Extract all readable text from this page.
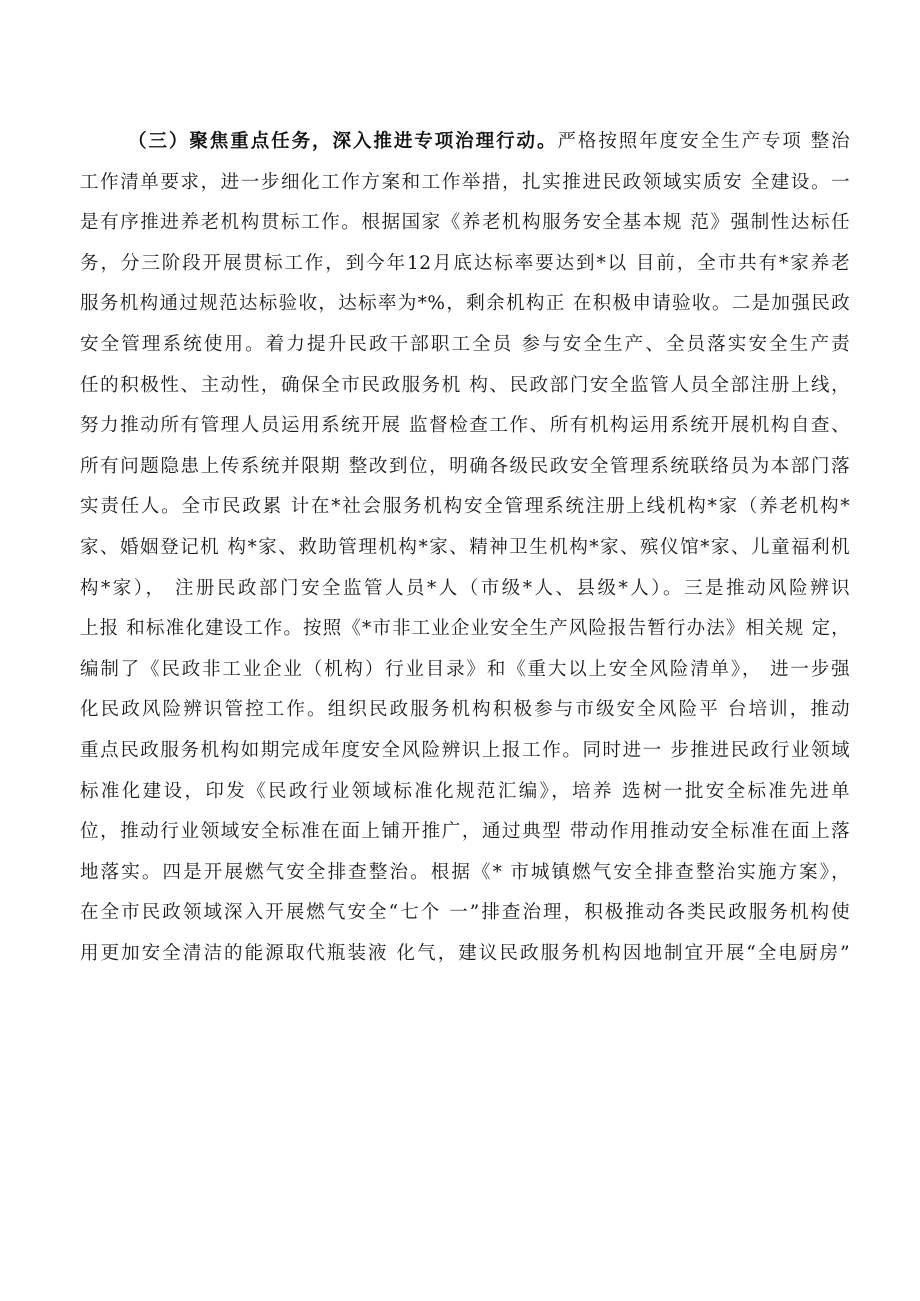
（三）聚焦重点任务，深入推进专项治理行动。严格按照年度安全生产专项 整治
工作清单要求，进一步细化工作方案和工作举措，扎实推进民政领域实质安 全建设。一
是有序推进养老机构贯标工作。根据国家《养老机构服务安全基本规 范》强制性达标任
务，分三阶段开展贯标工作，到今年12月底达标率要达到*以 目前，全市共有*家养老
服务机构通过规范达标验收，达标率为*%，剩余机构正 在积极申请验收。二是加强民政
安全管理系统使用。着力提升民政干部职工全员 参与安全生产、全员落实安全生产责
任的积极性、主动性，确保全市民政服务机 构、民政部门安全监管人员全部注册上线，
努力推动所有管理人员运用系统开展 监督检查工作、所有机构运用系统开展机构自查、
所有问题隐患上传系统并限期 整改到位，明确各级民政安全管理系统联络员为本部门落
实责任人。全市民政累 计在*社会服务机构安全管理系统注册上线机构*家（养老机构*
家、婚姻登记机 构*家、救助管理机构*家、精神卫生机构*家、殡仪馆*家、儿童福利机
构*家）， 注册民政部门安全监管人员*人（市级*人、县级*人）。三是推动风险辨识
上报 和标准化建设工作。按照《*市非工业企业安全生产风险报告暂行办法》相关规 定，
编制了《民政非工业企业（机构）行业目录》和《重大以上安全风险清单》， 进一步强
化民政风险辨识管控工作。组织民政服务机构积极参与市级安全风险平 台培训，推动
重点民政服务机构如期完成年度安全风险辨识上报工作。同时进一 步推进民政行业领域
标准化建设，印发《民政行业领域标准化规范汇编》，培养 选树一批安全标准先进单
位，推动行业领域安全标准在面上铺开推广，通过典型 带动作用推动安全标准在面上落
地落实。四是开展燃气安全排查整治。根据《* 市城镇燃气安全排查整治实施方案》，
在全市民政领域深入开展燃气安全“七个 一”排查治理，积极推动各类民政服务机构使
用更加安全清洁的能源取代瓶装液 化气，建议民政服务机构因地制宜开展“全电厨房”
